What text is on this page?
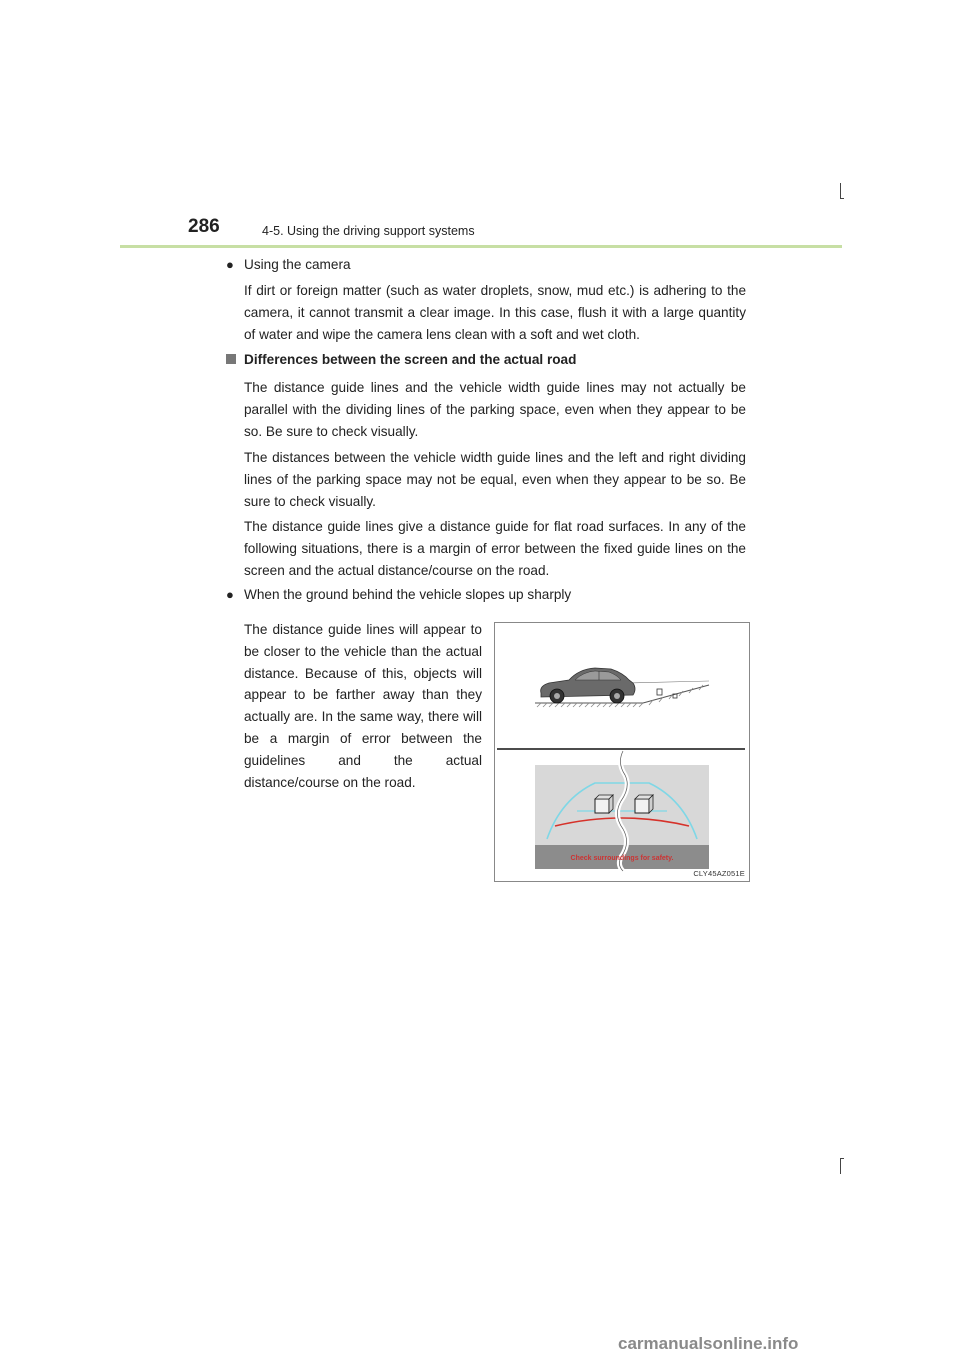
286	4-5. Using the driving support systems
● Using the camera
If dirt or foreign matter (such as water droplets, snow, mud etc.) is adhering to the camera, it cannot transmit a clear image. In this case, flush it with a large quantity of water and wipe the camera lens clean with a soft and wet cloth.
Differences between the screen and the actual road
The distance guide lines and the vehicle width guide lines may not actually be parallel with the dividing lines of the parking space, even when they appear to be so. Be sure to check visually.
The distances between the vehicle width guide lines and the left and right dividing lines of the parking space may not be equal, even when they appear to be so. Be sure to check visually.
The distance guide lines give a distance guide for flat road surfaces. In any of the following situations, there is a margin of error between the fixed guide lines on the screen and the actual distance/course on the road.
● When the ground behind the vehicle slopes up sharply
The distance guide lines will appear to be closer to the vehicle than the actual distance. Because of this, objects will appear to be farther away than they actually are. In the same way, there will be a margin of error between the guidelines and the actual distance/course on the road.
Check surroundings for safety.
CLY45AZ051E
carmanualsonline.info
